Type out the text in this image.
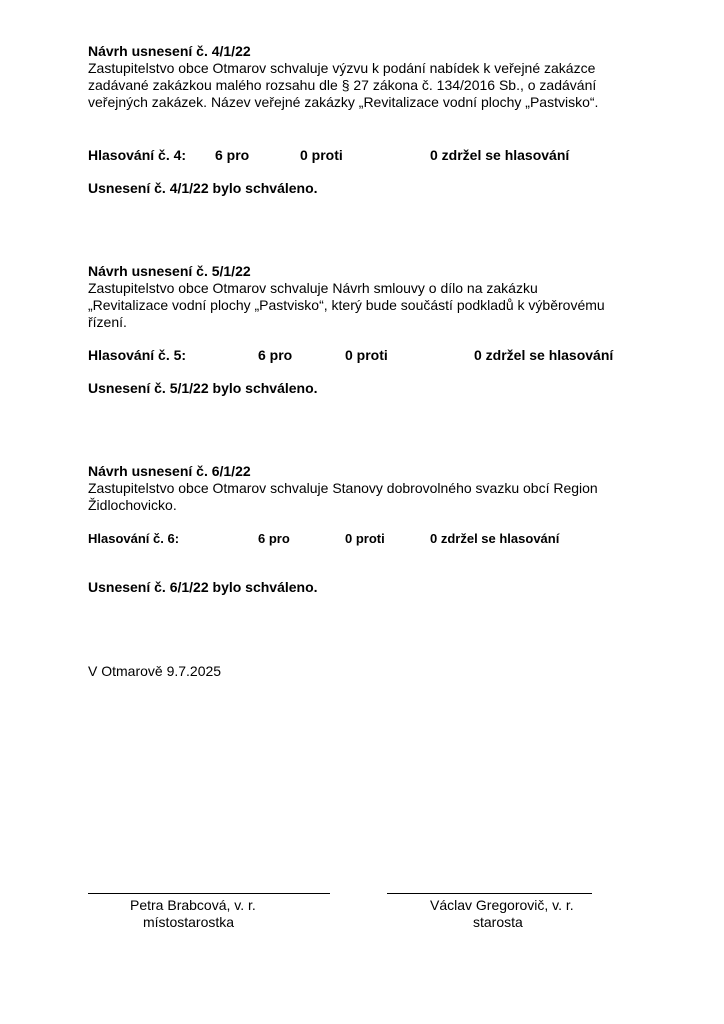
Návrh usnesení č. 4/1/22
Zastupitelstvo obce Otmarov schvaluje výzvu k podání nabídek k veřejné zakázce
zadávané zakázkou malého rozsahu dle § 27 zákona č. 134/2016 Sb., o zadávání
veřejných zakázek. Název veřejné zakázky „Revitalizace vodní plochy „Pastvisko“.
Hlasování č. 4: 6 pro	0 proti	0 zdržel se hlasování
Usnesení č. 4/1/22 bylo schváleno.
Návrh usnesení č. 5/1/22
Zastupitelstvo obce Otmarov schvaluje Návrh smlouvy o dílo na zakázku
„Revitalizace vodní plochy „Pastvisko“, který bude součástí podkladů k výběrovému
řízení.
Hlasování č. 5:	6 pro	0 proti	0 zdržel se hlasování
Usnesení č. 5/1/22 bylo schváleno.
Návrh usnesení č. 6/1/22
Zastupitelstvo obce Otmarov schvaluje Stanovy dobrovolného svazku obcí Region
Židlochovicko.
Hlasování č. 6:	6 pro	0 proti	0 zdržel se hlasování
Usnesení č. 6/1/22 bylo schváleno.
V Otmarově 9.7.2025
Petra Brabcová, v. r.
místostarostka
Václav Gregorovič, v. r.
starosta
